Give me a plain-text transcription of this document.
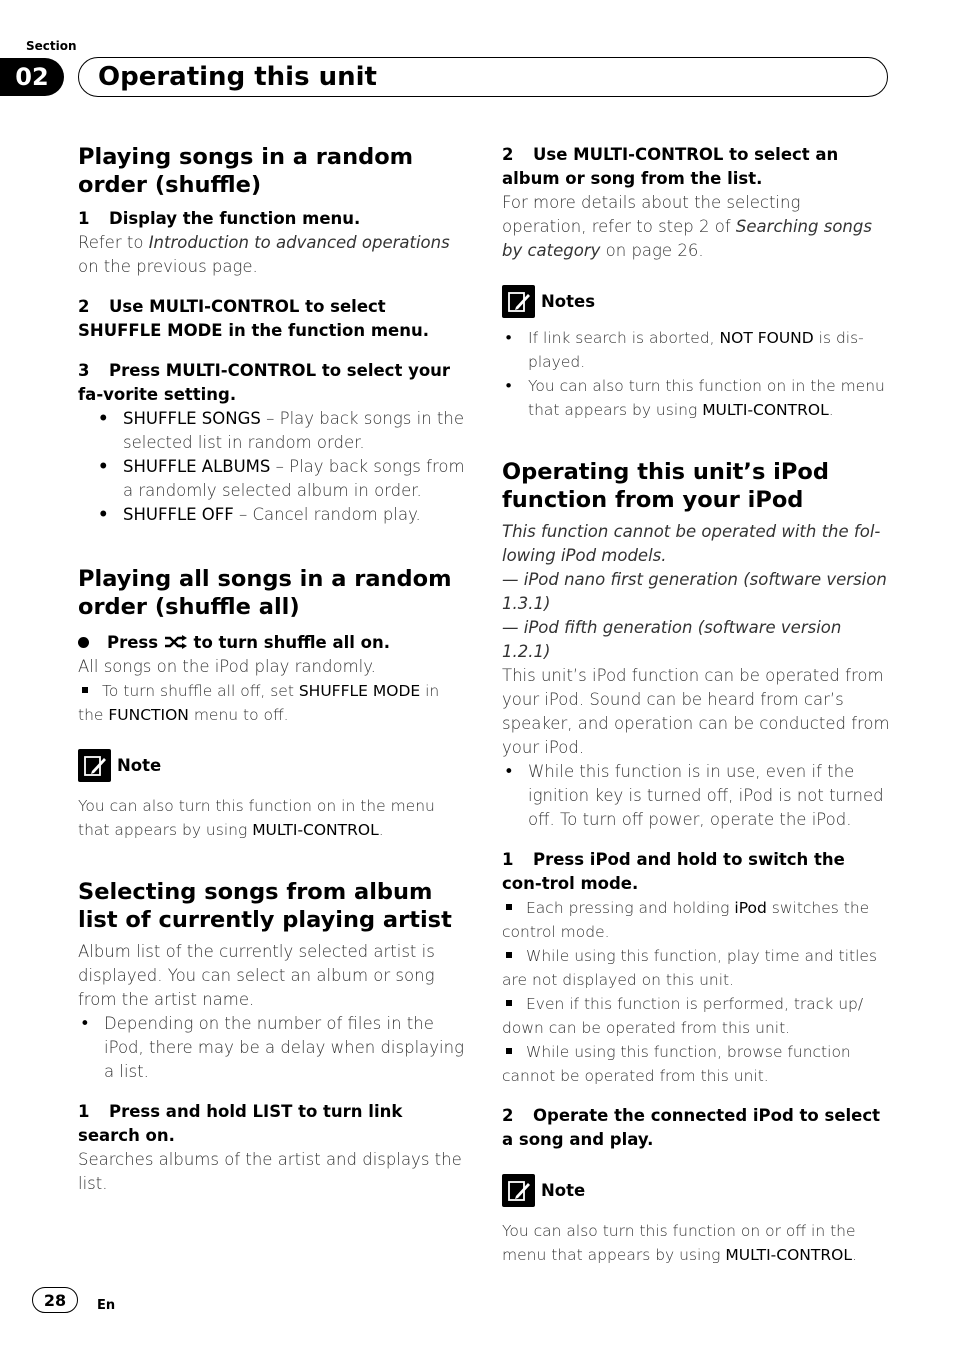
Section
02	Operating this unit
Playing songs in a random order (shuffle)

1 Display the function menu.

Refer to Introduction to advanced operations on the previous page.

2 Use MULTI-CONTROL to select SHUFFLE MODE in the function menu.

3 Press MULTI-CONTROL to select your fa-vorite setting.

• SHUFFLE SONGS – Play back songs in the selected list in random order.
• SHUFFLE ALBUMS – Play back songs from a randomly selected album in order.
• SHUFFLE OFF – Cancel random play.
Playing all songs in a random order (shuffle all)

Press  to turn shuffle all on.

All songs on the iPod play randomly.

To turn shuffle all off, set SHUFFLE MODE in the FUNCTION menu to off.

Note

You can also turn this function on in the menu that appears by using MULTI-CONTROL.

Selecting songs from album list of currently playing artist

Album list of the currently selected artist is displayed. You can select an album or song from the artist name.

• Depending on the number of files in the iPod, there may be a delay when displaying a list.

1 Press and hold LIST to turn link search on.

Searches albums of the artist and displays the list.

2 Use MULTI-CONTROL to select an album or song from the list.

For more details about the selecting operation, refer to step 2 of Searching songs by category on page 26.

Notes
• If link search is aborted, NOT FOUND is dis-played.
• You can also turn this function on in the menu that appears by using MULTI-CONTROL.
Operating this unit’s iPod function from your iPod

This function cannot be operated with the fol-lowing iPod models.

— iPod nano first generation (software version 1.3.1)

— iPod fifth generation (software version 1.2.1)

This unit’s iPod function can be operated from your iPod. Sound can be heard from car’s speaker, and operation can be conducted from your iPod.

• While this function is in use, even if the ignition key is turned off, iPod is not turned off. To turn off power, operate the iPod.

1 Press iPod and hold to switch the con-trol mode.

Each pressing and holding iPod switches the control mode.

While using this function, play time and titles are not displayed on this unit.

Even if this function is performed, track up/ down can be operated from this unit.

While using this function, browse function cannot be operated from this unit.

2 Operate the connected iPod to select a song and play.

Note

You can also turn this function on or off in the menu that appears by using MULTI-CONTROL.

28	En
